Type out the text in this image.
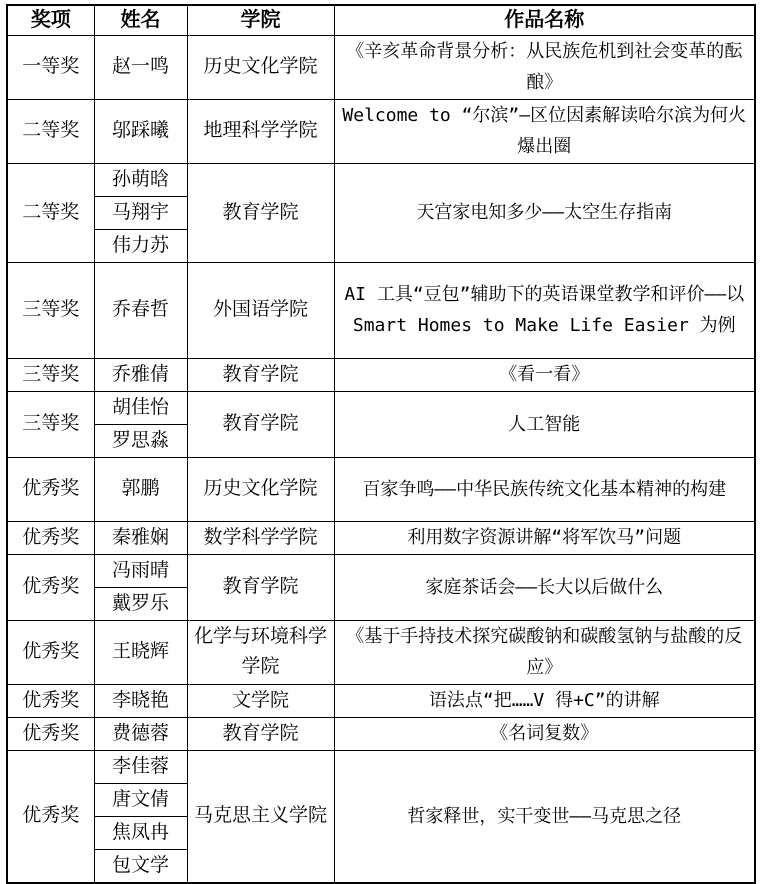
奖项	姓名	学院	作品名称
一等奖	赵一鸣	历史文化学院	《辛亥革命背景分析：从民族危机到社会变革的酝酿》
二等奖	邬踩曦	地理科学学院	Welcome to “尔滨”—区位因素解读哈尔滨为何火爆出圈
二等奖	孙萌晗	教育学院	天宫家电知多少——太空生存指南
	马翔宇		
	伟力苏		
三等奖	乔春哲	外国语学院	AI 工具“豆包”辅助下的英语课堂教学和评价——以 Smart Homes to Make Life Easier 为例
三等奖	乔雅倩	教育学院	《看一看》
三等奖	胡佳怡	教育学院	人工智能
	罗思淼		
优秀奖	郭鹏	历史文化学院	百家争鸣——中华民族传统文化基本精神的构建
优秀奖	秦雅娴	数学科学学院	利用数字资源讲解“将军饮马”问题
优秀奖	冯雨晴	教育学院	家庭茶话会——长大以后做什么
	戴罗乐		
优秀奖	王晓辉	化学与环境科学学院	《基于手持技术探究碳酸钠和碳酸氢钠与盐酸的反应》
优秀奖	李晓艳	文学院	语法点“把……V 得+C”的讲解
优秀奖	费德蓉	教育学院	《名词复数》
优秀奖	李佳蓉	马克思主义学院	哲家释世，实干变世——马克思之径
	唐文倩		
	焦凤冉		
	包文学		
